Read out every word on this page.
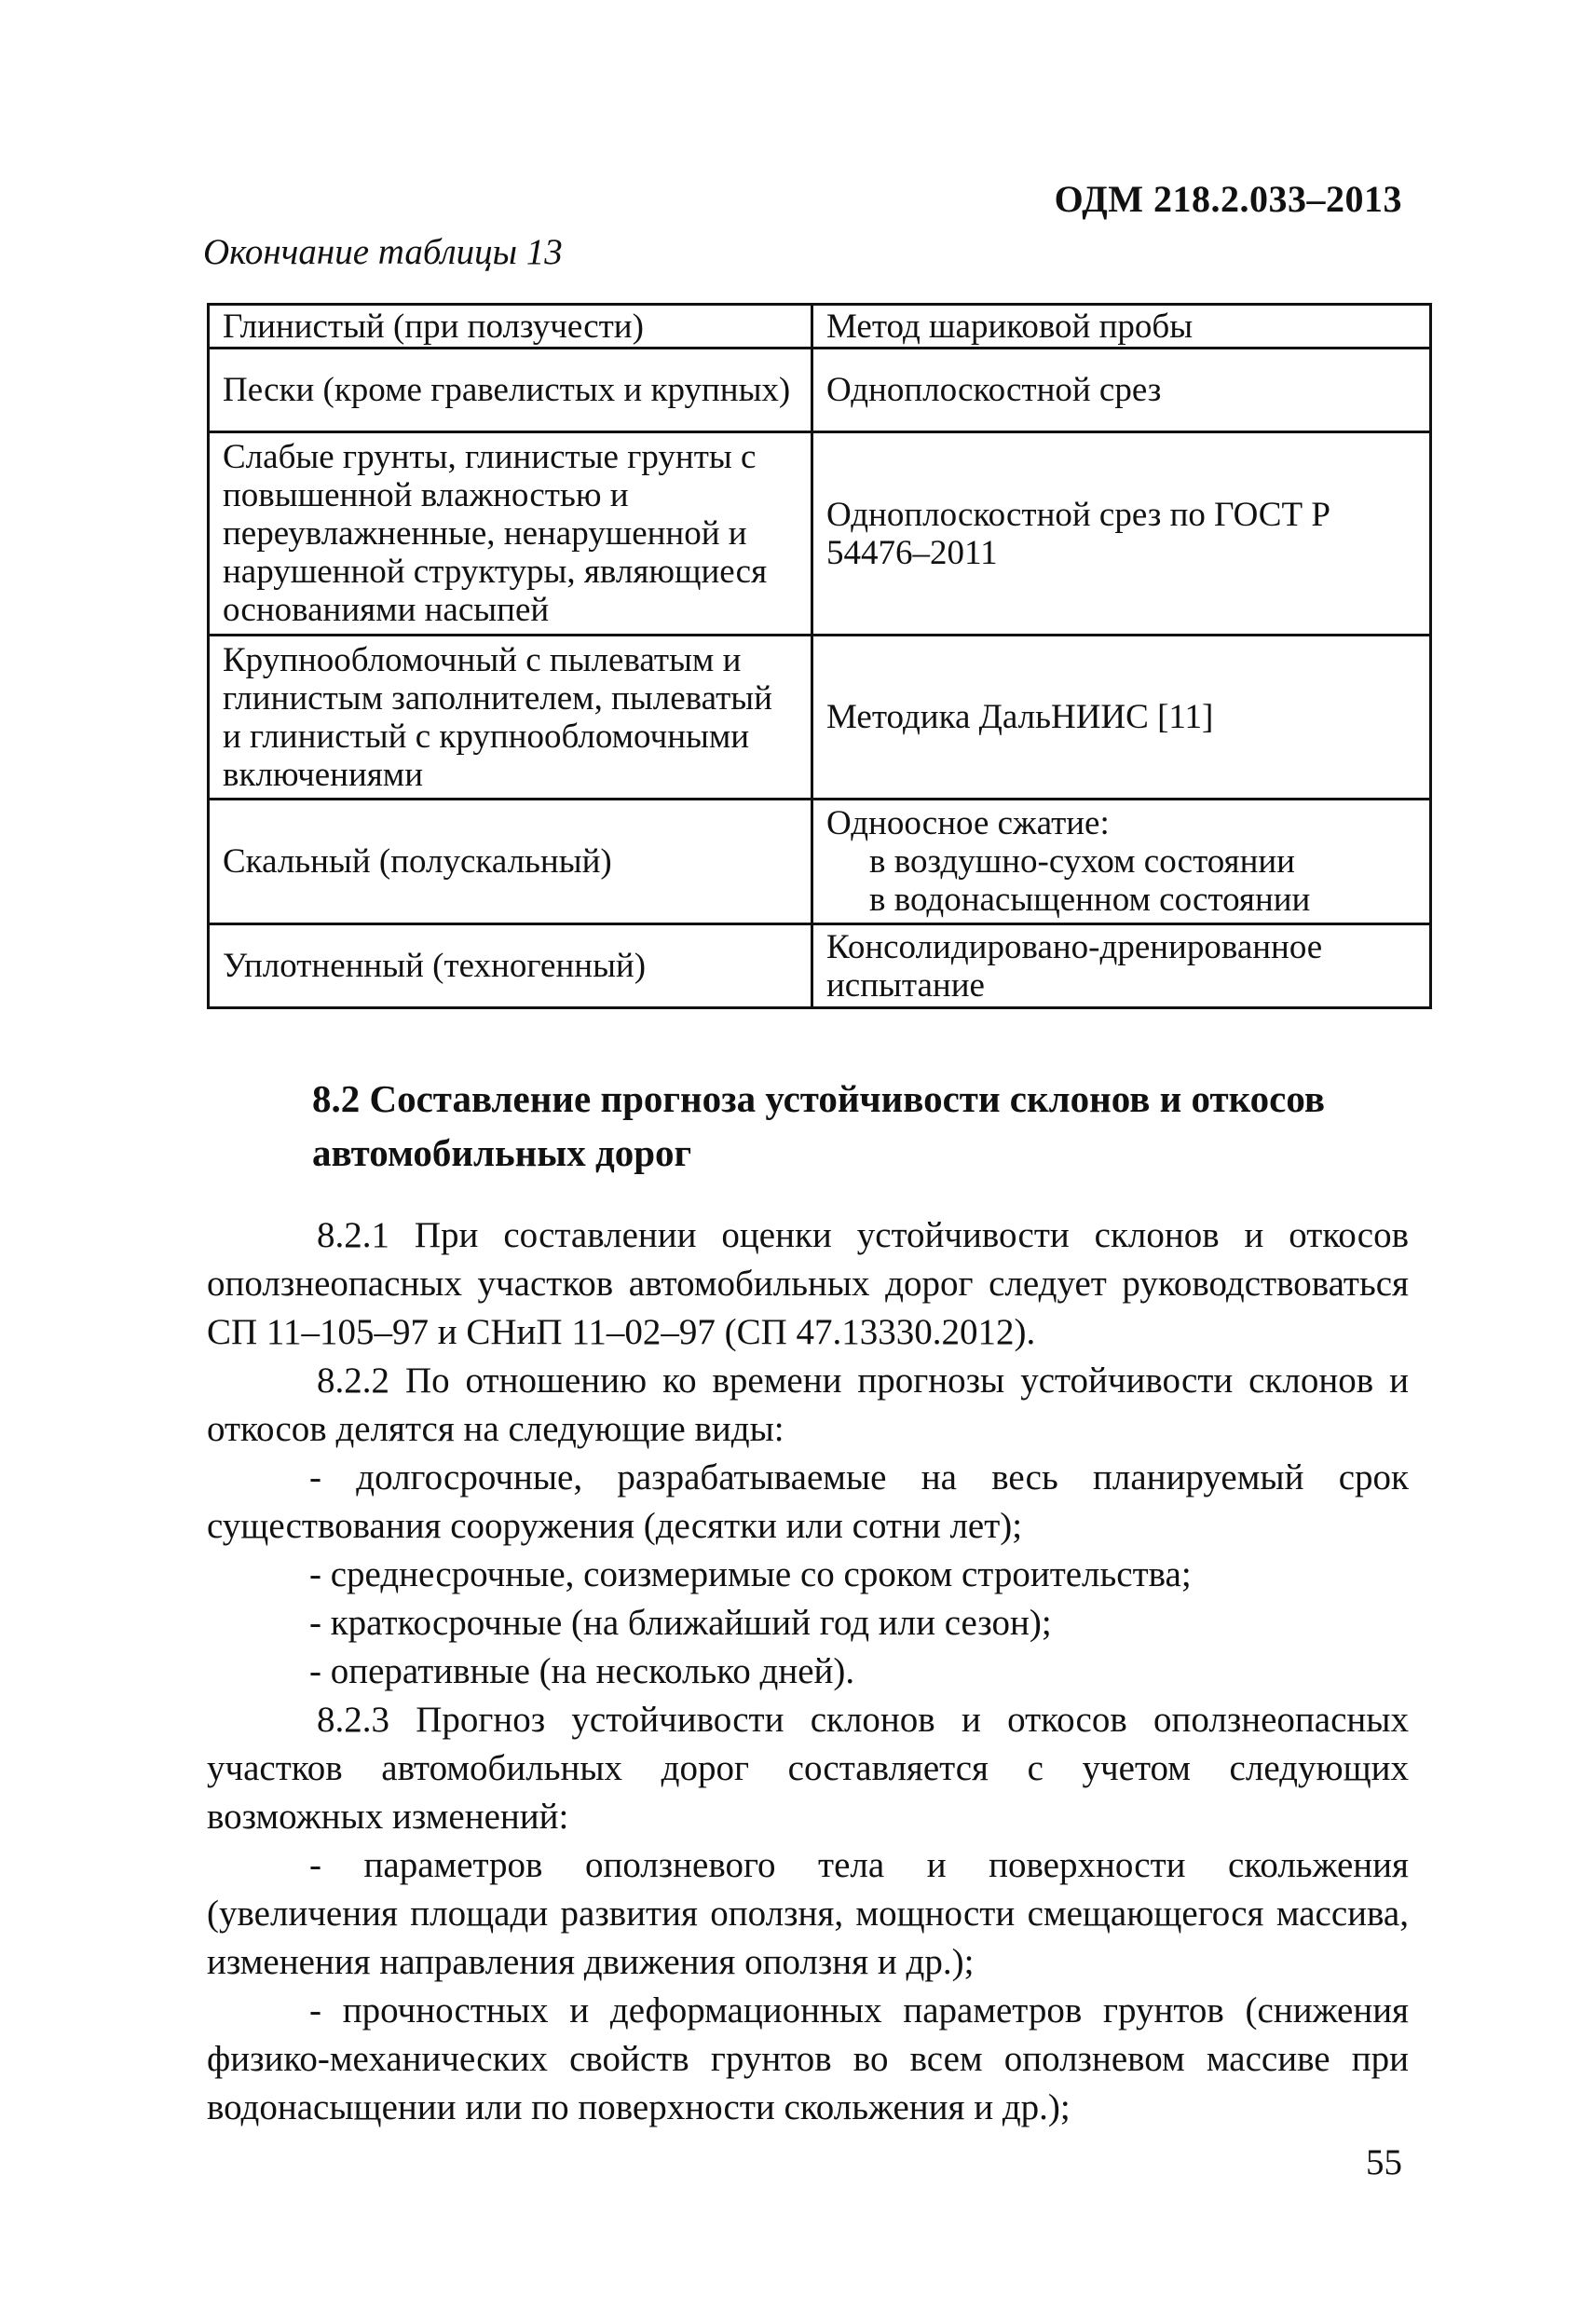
ОДМ 218.2.033–2013
Окончание таблицы 13
Глинистый (при ползучести)	Метод шариковой пробы
Пески (кроме гравелистых и крупных)	Одноплоскостной срез
Слабые грунты, глинистые грунты с повышенной влажностью и переувлажненные, ненарушенной и нарушенной структуры, являющиеся основаниями насыпей	Одноплоскостной срез по ГОСТ Р 54476–2011
Крупнообломочный с пылеватым и глинистым заполнителем, пылеватый и глинистый с крупнообломочными включениями	Методика ДальНИИС [11]
Скальный (полускальный)	Одноосное сжатие:
в воздушно-сухом состоянии
в водонасыщенном состоянии

Уплотненный (техногенный)	Консолидировано-дренированное испытание
8.2 Составление прогноза устойчивости склонов и откосов автомобильных дорог

8.2.1 При составлении оценки устойчивости склонов и откосов оползнеопасных участков автомобильных дорог следует руководствоваться СП 11–105–97 и СНиП 11–02–97 (СП 47.13330.2012).

8.2.2 По отношению ко времени прогнозы устойчивости склонов и откосов делятся на следующие виды:

- долгосрочные, разрабатываемые на весь планируемый срок существования сооружения (десятки или сотни лет);

- среднесрочные, соизмеримые со сроком строительства;

- краткосрочные (на ближайший год или сезон);

- оперативные (на несколько дней).

8.2.3 Прогноз устойчивости склонов и откосов оползнеопасных участков автомобильных дорог составляется с учетом следующих возможных изменений:

- параметров оползневого тела и поверхности скольжения (увеличения площади развития оползня, мощности смещающегося массива, изменения направления движения оползня и др.);

- прочностных и деформационных параметров грунтов (снижения физико-механических свойств грунтов во всем оползневом массиве при водонасыщении или по поверхности скольжения и др.);

55
